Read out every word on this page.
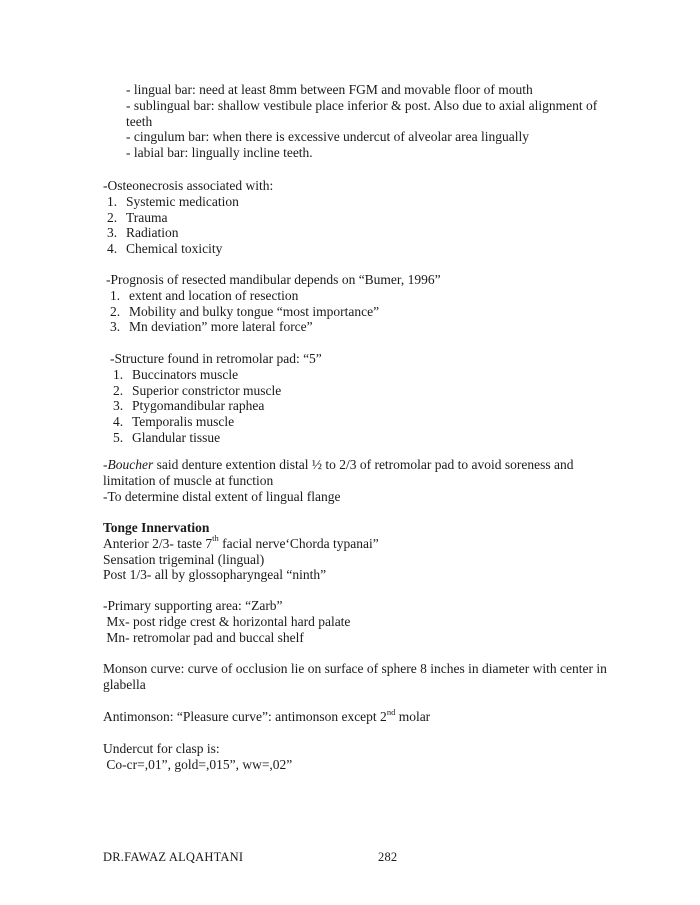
- lingual bar: need at least 8mm between FGM and movable floor of mouth
- sublingual bar: shallow vestibule place inferior & post. Also due to axial alignment of teeth
- cingulum bar: when there is excessive undercut of alveolar area lingually
- labial bar: lingually incline teeth.
-Osteonecrosis associated with:
1. Systemic medication
2. Trauma
3. Radiation
4. Chemical toxicity
-Prognosis of resected mandibular depends on “Bumer, 1996”
1. extent and location of resection
2. Mobility and bulky tongue “most importance”
3. Mn deviation” more lateral force”
-Structure found in retromolar pad: “5”
1. Buccinators muscle
2. Superior constrictor muscle
3. Ptygomandibular raphea
4. Temporalis muscle
5. Glandular tissue
-Boucher said denture extention distal ½ to 2/3 of retromolar pad to avoid soreness and limitation of muscle at function
-To determine distal extent of lingual flange
Tonge Innervation
Anterior 2/3- taste 7th facial nerve‘Chorda typanai”
Sensation trigeminal (lingual)
Post 1/3- all by glossopharyngeal “ninth”
-Primary supporting area: “Zarb”
Mx- post ridge crest & horizontal hard palate
Mn- retromolar pad and buccal shelf
Monson curve: curve of occlusion lie on surface of sphere 8 inches in diameter with center in glabella
Antimonson: “Pleasure curve”: antimonson except 2nd molar
Undercut for clasp is:
Co-cr=,01”, gold=,015”, ww=,02”
DR.FAWAZ ALQAHTANI	282
